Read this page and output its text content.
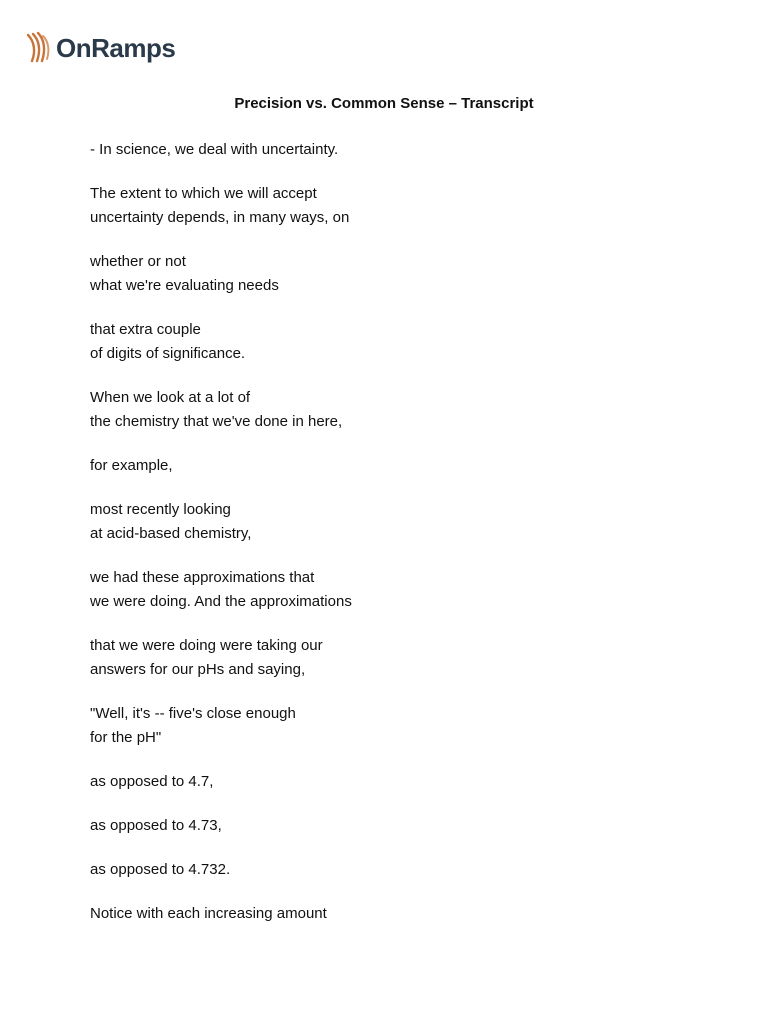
OnRamps
Precision vs. Common Sense – Transcript

- In science, we deal with uncertainty.

The extent to which we will accept
uncertainty depends, in many ways, on

whether or not
what we're evaluating needs

that extra couple
of digits of significance.

When we look at a lot of
the chemistry that we've done in here,

for example,

most recently looking
at acid-based chemistry,

we had these approximations that
we were doing. And the approximations

that we were doing were taking our
answers for our pHs and saying,

"Well, it's -- five's close enough
for the pH"

as opposed to 4.7,

as opposed to 4.73,

as opposed to 4.732.

Notice with each increasing amount
